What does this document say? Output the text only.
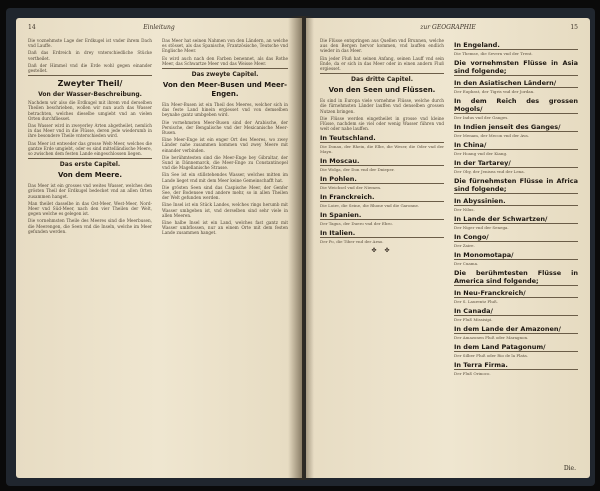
14	Einleitung

Die voznehmste Lage der Erdkugel ist vnder ihrem Dach vnd Lauffe.

Daß das Erdreich in drey vnterschiedliche Stücke vertheilet.

Daß der Himmel vnd die Erde wohl gegen einander gestellet.

Zweyter Theil/
Von der Wasser-Beschreibung.

Nachdem wir also die Erdkugel mit ihrem vnd derselben Theilen beschrieben, wollen wir nun auch das Wasser betrachten, welches dieselbe umgiebt vnd an vielen Orten durchfliesset.

Das Wasser wird in zweyerley Arten abgetheilet, nemlich in das Meer vnd in die Flüsse, deren jede wiederumb in ihre besondere Theile vnterschieden wird.

Das Meer ist entweder das grosse Welt-Meer, welches die gantze Erde umgiebt, oder es sind mittelländische Meere, so zwischen dem festen Lande eingeschlossen liegen.

Das erste Capitel.
Von dem Meere.

Das Meer ist ein grosses vnd weites Wasser, welches den grösten Theil der Erdkugel bedecket vnd an allen Orten zusammen hanget.

Man theilet dasselbe in das Ost-Meer, West-Meer, Nord-Meer vnd Süd-Meer, nach den vier Theilen der Welt, gegen welche es gelegen ist.

Die vornehmsten Theile des Meeres sind die Meerbusen, die Meerengen, die Seen vnd die Inseln, welche im Meer gefunden werden.

Das Meer hat seinen Nahmen von den Ländern, an welche es stösset, als das Spanische, Frantzösische, Teutsche vnd Englische Meer.

Es wird auch nach den Farben benennet, als das Rothe Meer, das Schwartze Meer vnd das Weisse Meer.

Das zweyte Capitel.
Von den Meer-Busen und Meer-Engen.

Ein Meer-Busen ist ein Theil des Meeres, welcher sich in das feste Land hinein ergiesset vnd von demselben beynahe gantz umbgeben wird.

Die vornehmsten Meer-Busen sind der Arabische, der Persische, der Bengalische vnd der Mexicanische Meer-Busen.

Eine Meer-Enge ist ein enger Ort des Meeres, wo zwey Länder nahe zusammen kommen vnd zwey Meere mit einander verbinden.

Die berühmtesten sind die Meer-Enge bey Gibraltar, der Sund in Dännemarck, die Meer-Enge zu Constantinopel vnd die Magellanische Strasse.

Ein See ist ein stillstehendes Wasser, welches mitten im Lande lieget vnd mit dem Meer keine Gemeinschafft hat.

Die grösten Seen sind das Caspische Meer, der Genfer See, der Bodensee vnd andere mehr, so in allen Theilen der Welt gefunden werden.

Eine Insel ist ein Stück Landes, welches rings herumb mit Wasser umbgeben ist, vnd derselben sind sehr viele in allen Meeren.

Eine halbe Insel ist ein Land, welches fast gantz mit Wasser umbflossen, nur an einem Orte mit dem festen Lande zusammen hanget.

zur GEOGRAPHIE	15

Die Flüsse entspringen aus Quellen vnd Brunnen, welche aus den Bergen hervor kommen, vnd lauffen endlich wieder in das Meer.

Ein jeder Fluß hat seinen Anfang, seinen Lauff vnd sein Ende, da er sich in das Meer oder in einen andern Fluß ergiesset.

Das dritte Capitel.
Von den Seen und Flüssen.

Es sind in Europa viele vornehme Flüsse, welche durch die fürnehmsten Länder lauffen vnd denselben grossen Nutzen bringen.

Die Flüsse werden eingetheilet in grosse vnd kleine Flüsse, nachdem sie viel oder wenig Wasser führen vnd weit oder nahe lauffen.

In Teutschland.
Die Donau, der Rhein, die Elbe, die Weser, die Oder vnd der Mayn.
In Moscau.
Die Wolga, der Don vnd der Dnieper.
In Pohlen.
Die Weichsel vnd der Niemen.
In Franckreich.
Die Loire, die Seine, die Rhone vnd die Garonne.
In Spanien.
Der Tagus, der Duero vnd der Ebro.
In Italien.
Der Po, die Tiber vnd der Arno.
✤ ✤
In Engeland.
Die Themse, die Severn vnd der Trent.
Die vornehmsten Flüsse in Asia sind folgende;
In den Asiatischen Ländern/
Der Euphrat, der Tigris vnd der Jordan.
In dem Reich des grossen Mogols/
Der Indus vnd der Ganges.
In Indien jenseit des Ganges/
Der Menam, der Mecon vnd der Ava.
In China/
Der Hoang vnd der Kiang.
In der Tartarey/
Der Oby, der Jenisea vnd der Lena.
Die fürnehmsten Flüsse in Africa sind folgende;
In Abyssinien.
Der Nilus.
In Lande der Schwartzen/
Der Niger vnd der Senega.
In Congo/
Der Zaire.
In Monomotapa/
Der Cuama.
Die berühmtesten Flüsse in America sind folgende;
In Neu-Franckreich/
Der S. Laurentz Fluß.
In Canada/
Der Fluß Missisipi.
In dem Lande der Amazonen/
Der Amazonen Fluß oder Maragnon.
In dem Land Patagonum/
Der Silber Fluß oder Rio de la Plata.
In Terra Firma.
Der Fluß Orinoco.
Die.
